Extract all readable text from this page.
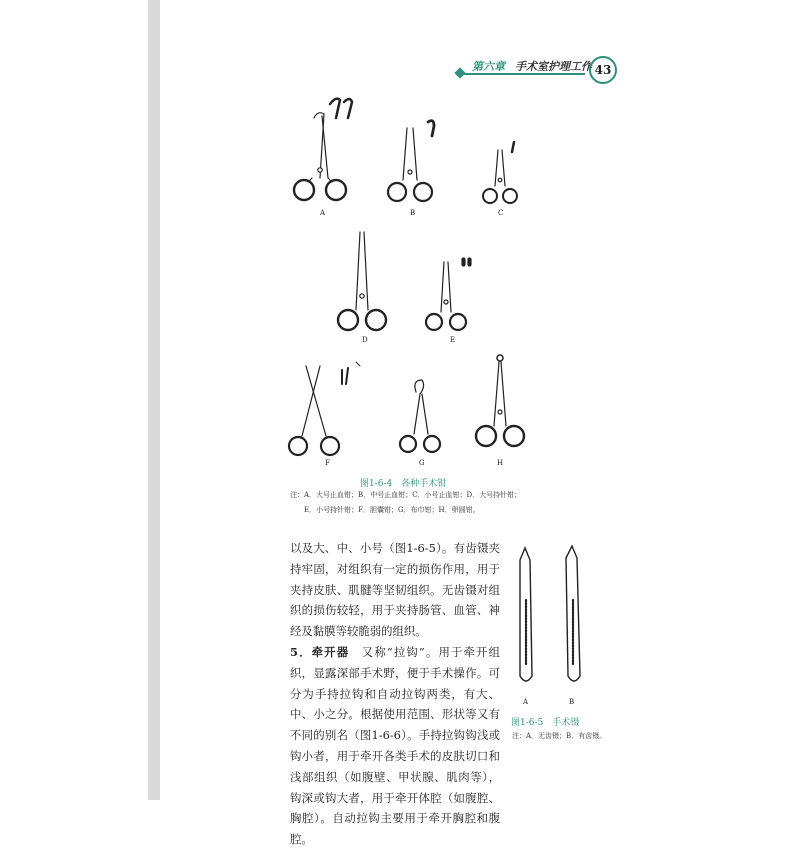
第六章 手术室护理工作 43
A	B	C
D	E
F	G	H
图1-6-4　各种手术钳
注：A．大号止血钳；B．中号止血钳；C．小号止血钳；D．大号持针钳；
E．小号持针钳；F．胆囊钳；G．布巾钳；H．卵圆钳。
A	B
图1-6-5　手术镊
注：A．无齿镊；B．有齿镊。

以及大、中、小号（图1-6-5）。有齿镊夹持牢固，对组织有一定的损伤作用，用于夹持皮肤、肌腱等坚韧组织。无齿镊对组织的损伤较轻，用于夹持肠管、血管、神经及黏膜等较脆弱的组织。

5．牵开器　又称“拉钩”。用于牵开组织，显露深部手术野，便于手术操作。可分为手持拉钩和自动拉钩两类，有大、中、小之分。根据使用范围、形状等又有不同的别名（图1-6-6）。手持拉钩钩浅或钩小者，用于牵开各类手术的皮肤切口和浅部组织（如腹壁、甲状腺、肌肉等），钩深或钩大者，用于牵开体腔（如腹腔、胸腔）。自动拉钩主要用于牵开胸腔和腹腔。
